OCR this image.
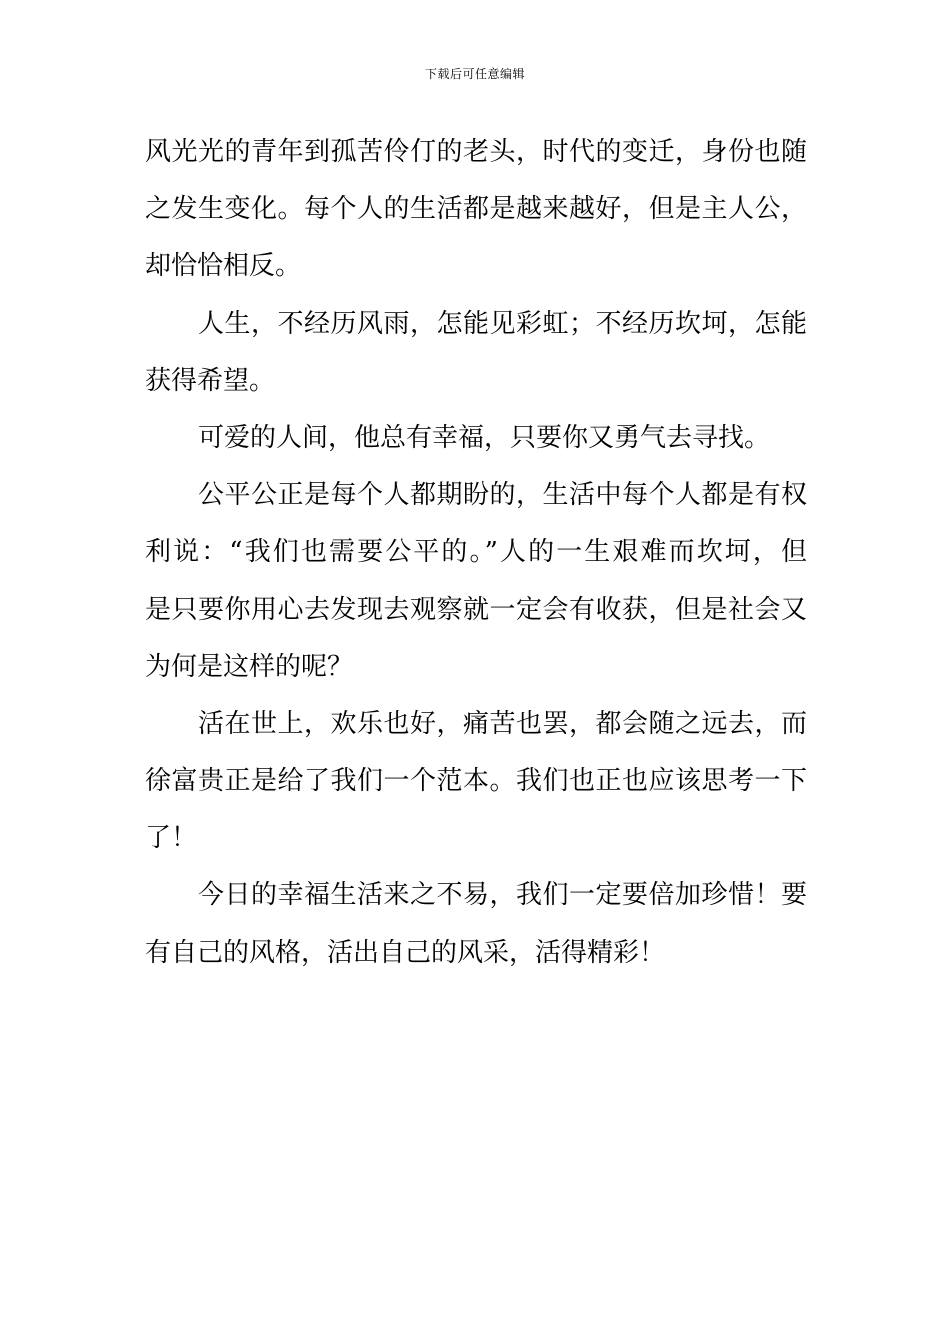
下载后可任意编辑
风光光的青年到孤苦伶仃的老头，时代的变迁，身份也随
之发生变化。每个人的生活都是越来越好，但是主人公，
却恰恰相反。
人生，不经历风雨，怎能见彩虹；不经历坎坷，怎能
获得希望。
可爱的人间，他总有幸福，只要你又勇气去寻找。
公平公正是每个人都期盼的，生活中每个人都是有权
利说：“我们也需要公平的。”人的一生艰难而坎坷，但
是只要你用心去发现去观察就一定会有收获，但是社会又
为何是这样的呢？
活在世上，欢乐也好，痛苦也罢，都会随之远去，而
徐富贵正是给了我们一个范本。我们也正也应该思考一下
了！
今日的幸福生活来之不易，我们一定要倍加珍惜！要
有自己的风格，活出自己的风采，活得精彩！
